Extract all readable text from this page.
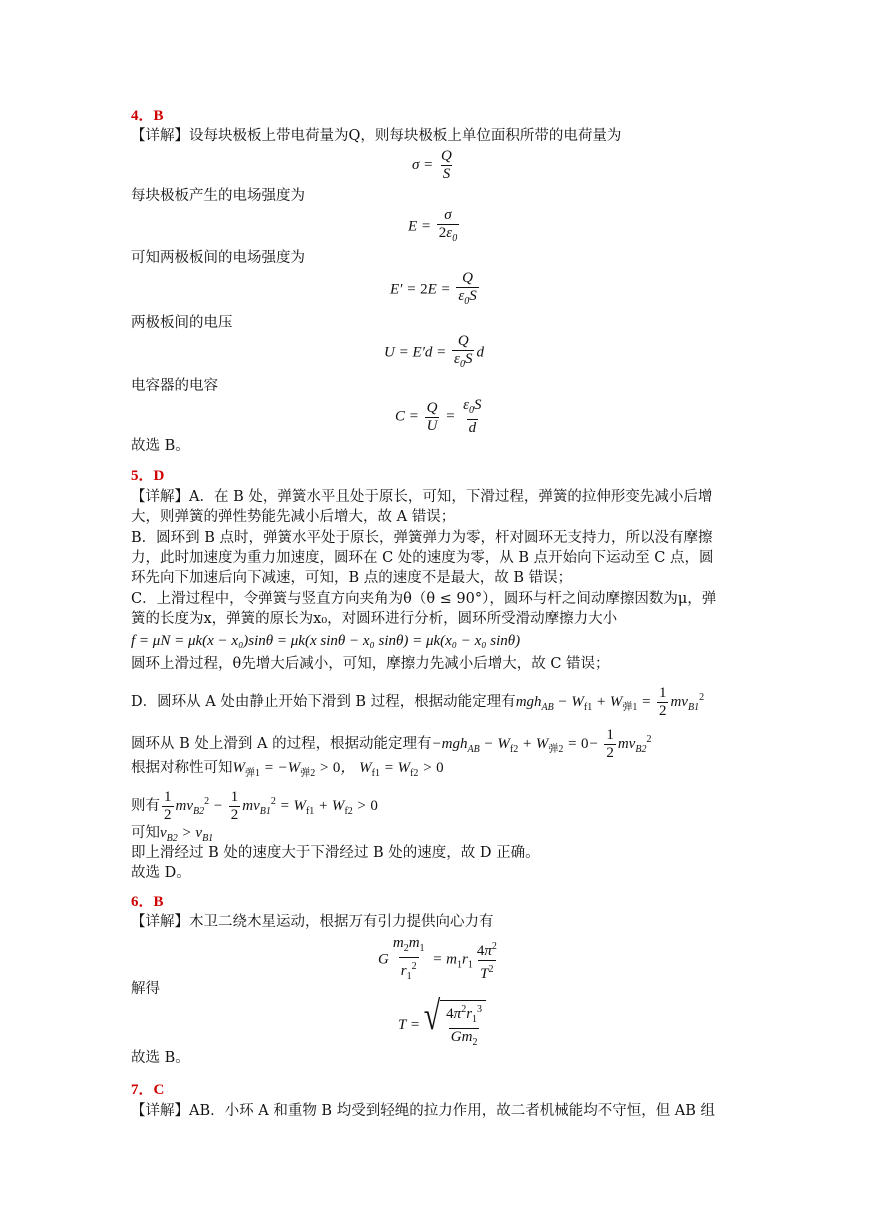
4．B
【详解】设每块极板上带电荷量为Q，则每块极板上单位面积所带的电荷量为
$\sigma = \frac{Q}{S}$
每块极板产生的电场强度为
$E = \frac{\sigma}{2\varepsilon_0}$
可知两极板间的电场强度为
$E' = 2E = \frac{Q}{\varepsilon_0S}$
两极板间的电压
$U = E'd = \frac{Q}{\varepsilon_0S}$ d
电容器的电容
$C = \frac{Q}{U} = \frac{\varepsilon_0S}{d}$
故选 B。
5．D
【详解】A．在 B 处，弹簧水平且处于原长，可知，下滑过程，弹簧的拉伸形变先减小后增
大，则弹簧的弹性势能先减小后增大，故 A 错误；
B．圆环到 B 点时，弹簧水平处于原长，弹簧弹力为零，杆对圆环无支持力，所以没有摩擦
力，此时加速度为重力加速度，圆环在 C 处的速度为零，从 B 点开始向下运动至 C 点，圆
环先向下加速后向下减速，可知，B 点的速度不是最大，故 B 错误；
C．上滑过程中，令弹簧与竖直方向夹角为θ（θ ≤ 90°），圆环与杆之间动摩擦因数为μ，弹
簧的长度为x，弹簧的原长为x₀，对圆环进行分析，圆环所受滑动摩擦力大小
f = μN = μk(x − x₀)sinθ = μk(x sinθ − x₀ sinθ) = μk(x₀ − x₀ sinθ)
圆环上滑过程，θ先增大后减小，可知，摩擦力先减小后增大，故 C 错误；
D．圆环从 A 处由静止开始下滑到 B 过程，根据动能定理有$mgh_{AB} - W_{f1} + W_{弹1} = \frac{1}{2} mv_{B1}^2$
圆环从 B 处上滑到 A 的过程，根据动能定理有$-mgh_{AB} - W_{f2} + W_{弹2} = 0- \frac{1}{2} mv_{B2}^2$
根据对称性可知$W_{弹1} = -W_{弹2} > 0$， $W_{f1} = W_{f2} > 0$
则有 $\frac{1}{2} mv_{B2}^2 - \frac{1}{2} mv_{B1}^2 = W_{f1} + W_{f2} > 0$
可知$v_{B2} > v_{B1}$
即上滑经过 B 处的速度大于下滑经过 B 处的速度，故 D 正确。
故选 D。
6．B
【详解】木卫二绕木星运动，根据万有引力提供向心力有
G $\frac{m_2m_1}{r_1^2} = m_1r_1 \frac{4\pi^2}{T^2}$
解得
T = √ $\frac{4\pi^2r_1^3}{Gm_2}$
故选 B。
7．C
【详解】AB．小环 A 和重物 B 均受到轻绳的拉力作用，故二者机械能均不守恒，但 AB 组
